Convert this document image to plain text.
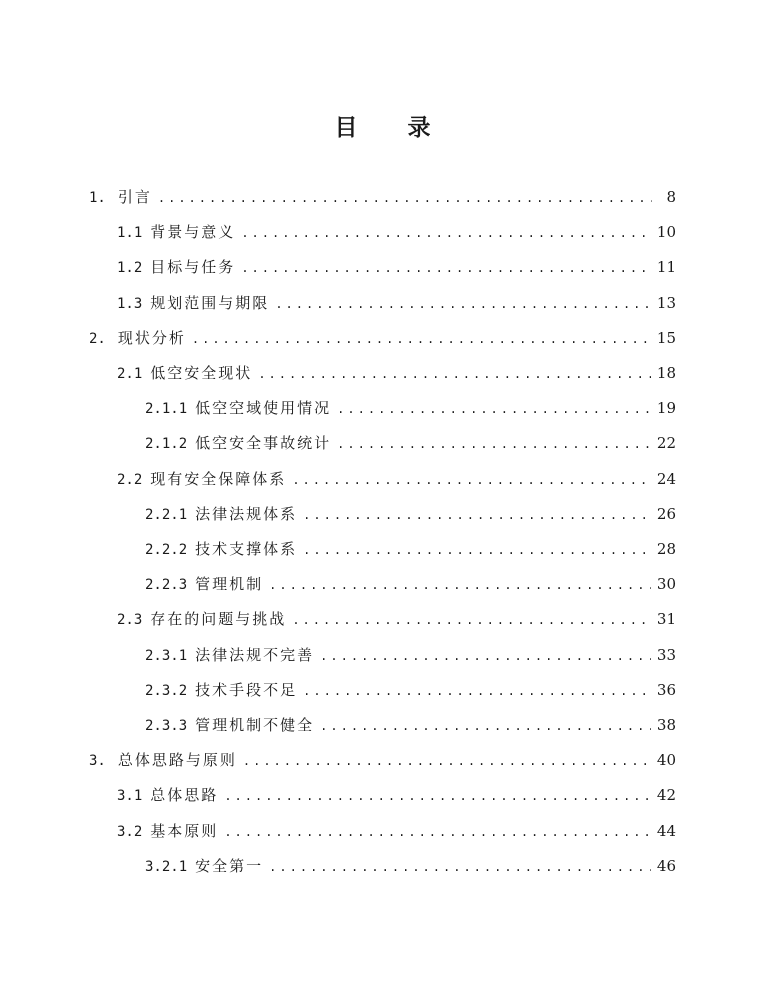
目 录
1. 引言 .....	8
1.1 背景与意义 .....	10
1.2 目标与任务 .....	11
1.3 规划范围与期限 .....	13
2. 现状分析 .....	15
2.1 低空安全现状 .....	18
2.1.1 低空空域使用情况 .....	19
2.1.2 低空安全事故统计 .....	22
2.2 现有安全保障体系 .....	24
2.2.1 法律法规体系 .....	26
2.2.2 技术支撑体系 .....	28
2.2.3 管理机制 .....	30
2.3 存在的问题与挑战 .....	31
2.3.1 法律法规不完善 .....	33
2.3.2 技术手段不足 .....	36
2.3.3 管理机制不健全 .....	38
3. 总体思路与原则 .....	40
3.1 总体思路 .....	42
3.2 基本原则 .....	44
3.2.1 安全第一 .....	46
